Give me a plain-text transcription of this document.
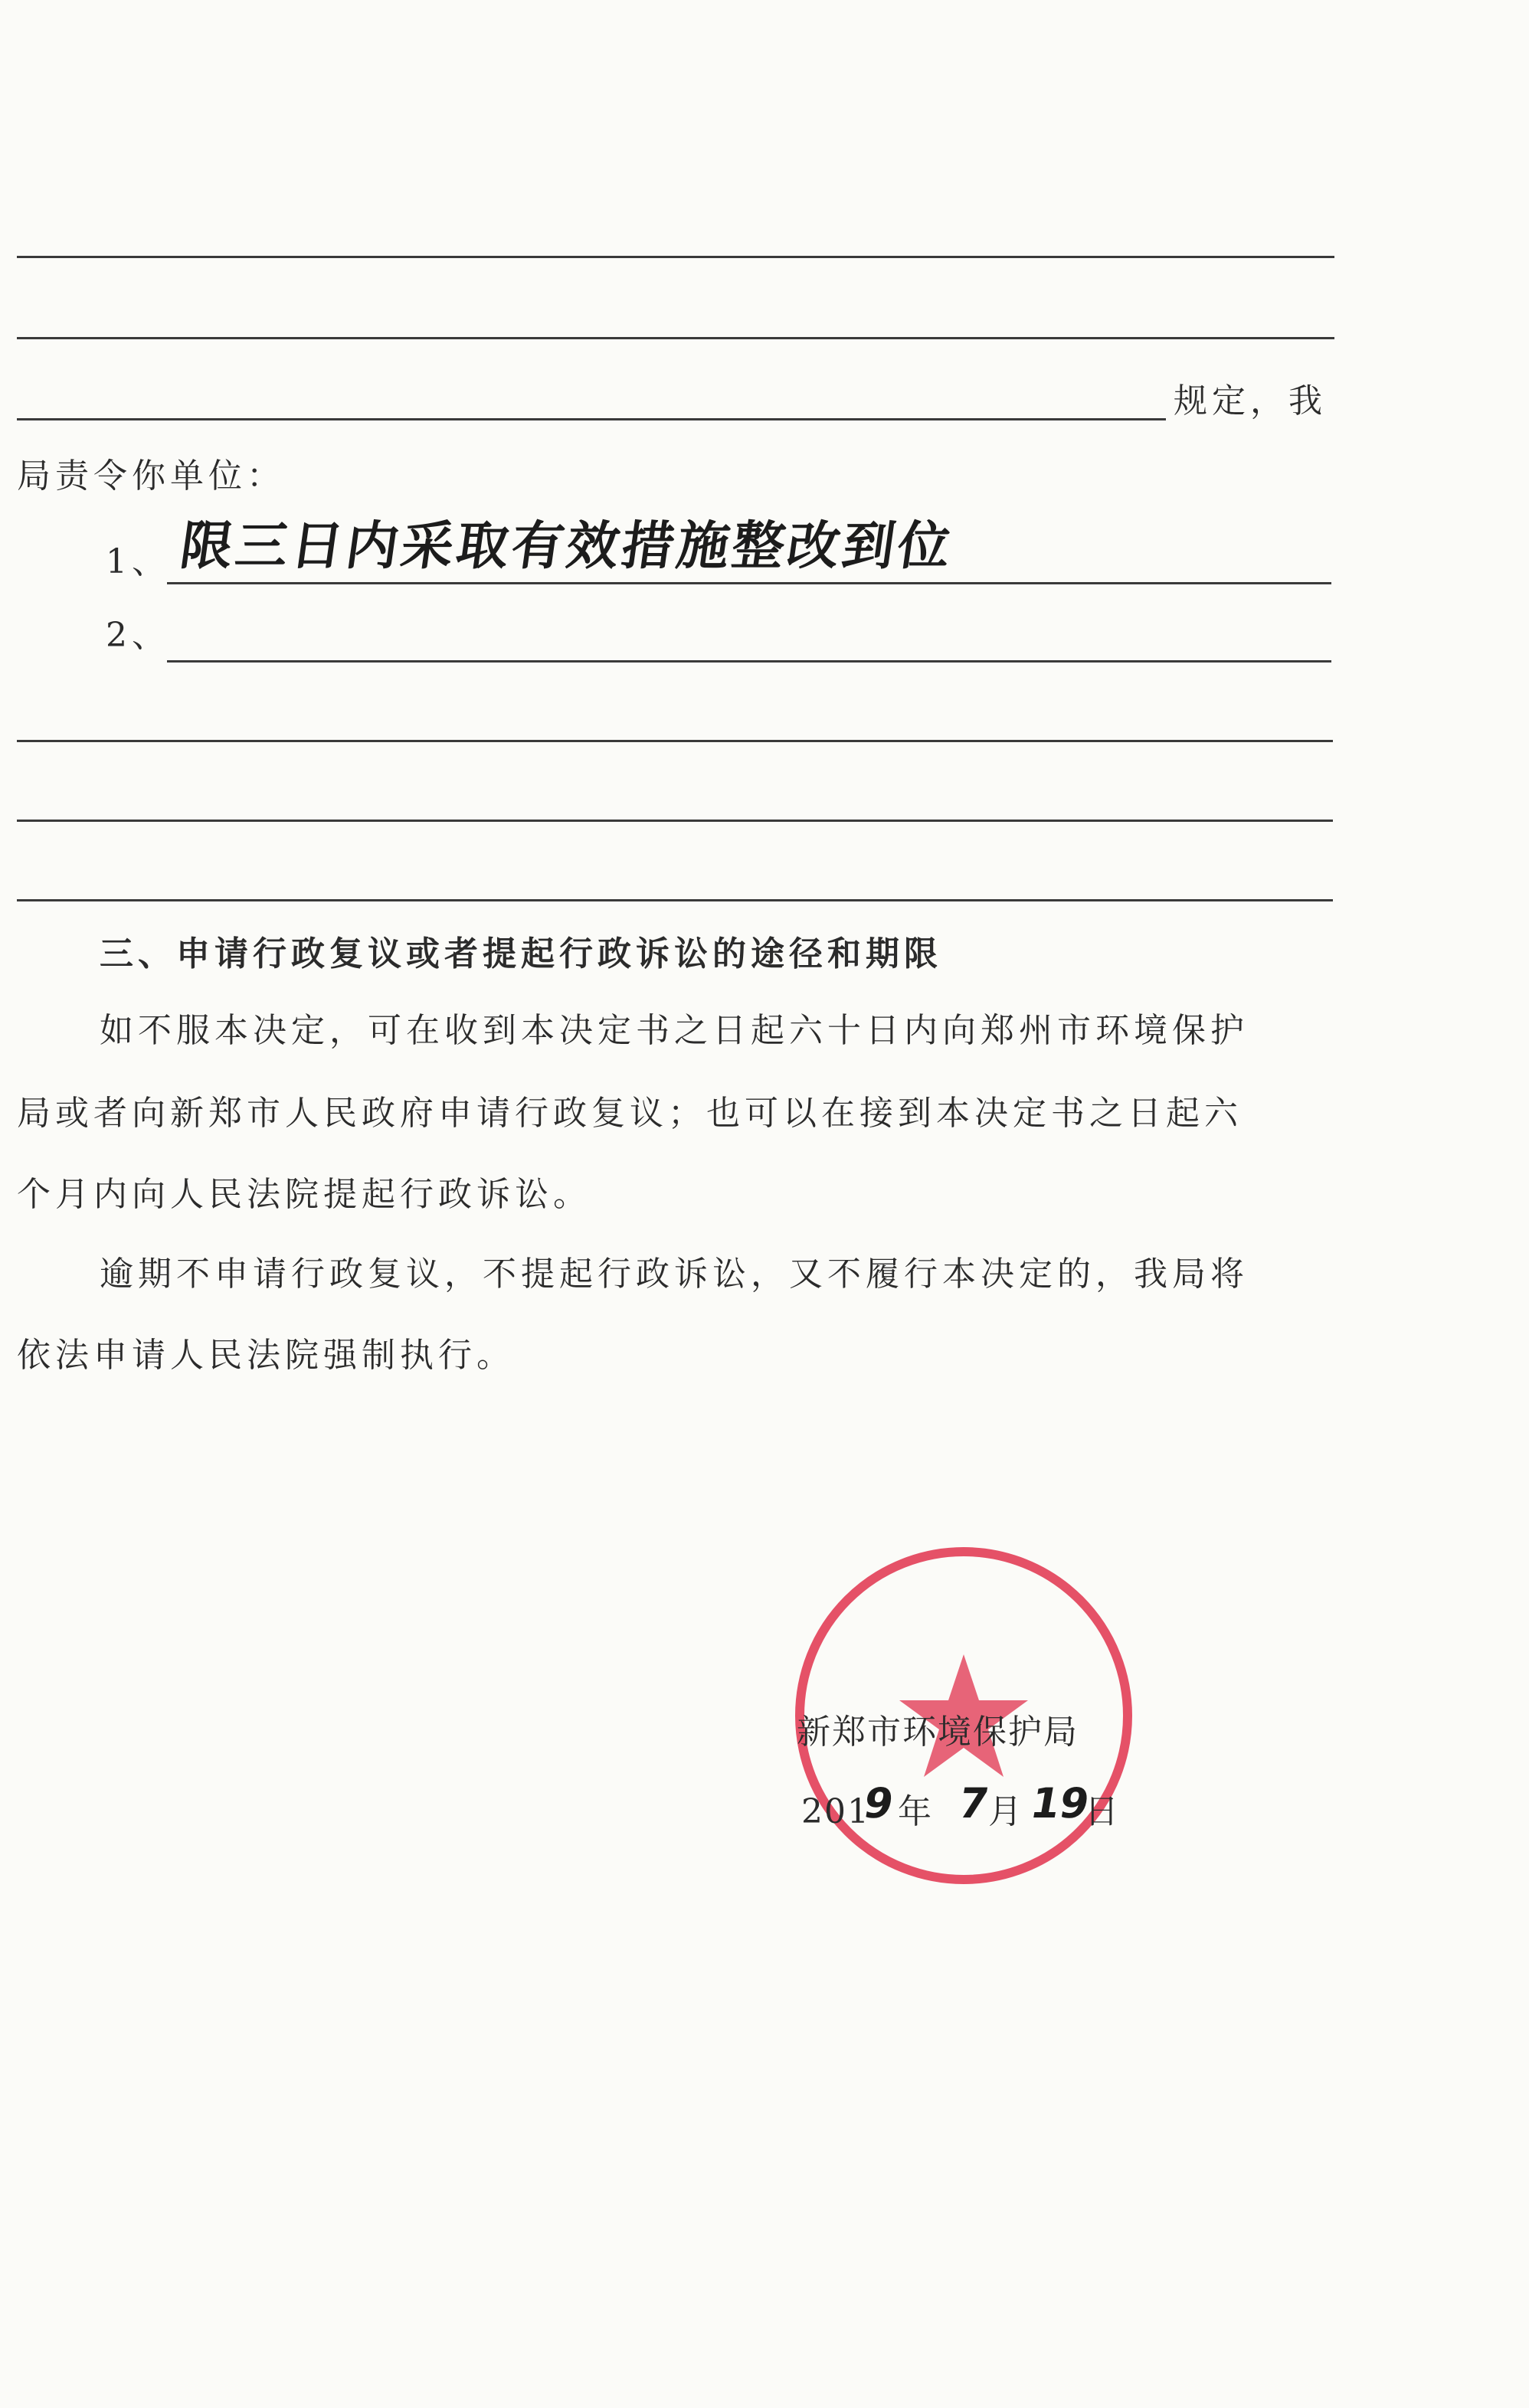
规定，我
局责令你单位：
1、 限三日内采取有效措施整改到位
2、
三、申请行政复议或者提起行政诉讼的途径和期限
如不服本决定，可在收到本决定书之日起六十日内向郑州市环境保护
局或者向新郑市人民政府申请行政复议；也可以在接到本决定书之日起六
个月内向人民法院提起行政诉讼。
逾期不申请行政复议，不提起行政诉讼，又不履行本决定的，我局将
依法申请人民法院强制执行。
新郑市环境保护局
201
9 年 7
月 19
日
